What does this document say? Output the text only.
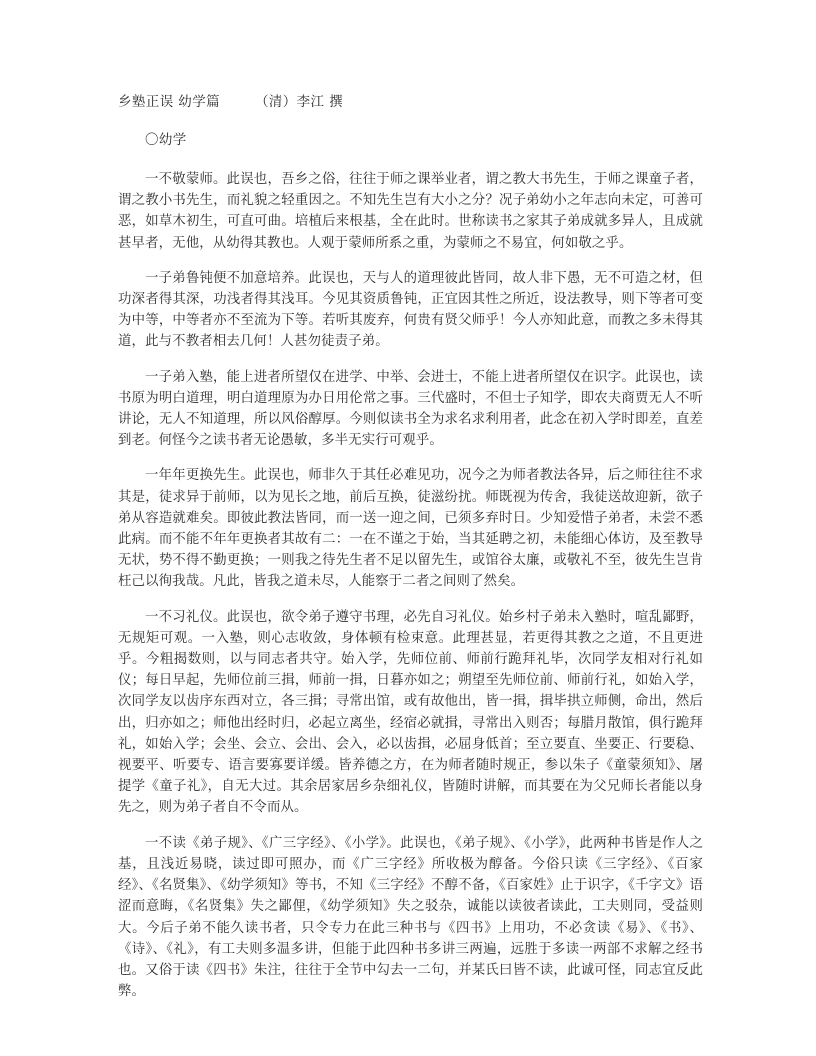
乡塾正误 幼学篇　　　（清）李江 撰
〇幼学

一不敬蒙师。此误也，吾乡之俗，往往于师之课举业者，谓之教大书先生，于师之课童子者，谓之教小书先生，而礼貌之轻重因之。不知先生岂有大小之分？况子弟幼小之年志向未定，可善可恶，如草木初生，可直可曲。培植后来根基，全在此时。世称读书之家其子弟成就多异人，且成就甚早者，无他，从幼得其教也。人观于蒙师所系之重，为蒙师之不易宜，何如敬之乎。

一子弟鲁钝便不加意培养。此误也，天与人的道理彼此皆同，故人非下愚，无不可造之材，但功深者得其深，功浅者得其浅耳。今见其资质鲁钝，正宜因其性之所近，设法教导，则下等者可变为中等，中等者亦不至流为下等。若听其废弃，何贵有贤父师乎！今人亦知此意，而教之多未得其道，此与不教者相去几何！人甚勿徒责子弟。

一子弟入塾，能上进者所望仅在进学、中举、会进士，不能上进者所望仅在识字。此误也，读书原为明白道理，明白道理原为办日用伦常之事。三代盛时，不但士子知学，即农夫商贾无人不听讲论，无人不知道理，所以风俗醇厚。今则似读书全为求名求利用者，此念在初入学时即差，直差到老。何怪今之读书者无论愚敏，多半无实行可观乎。

一年年更换先生。此误也，师非久于其任必难见功，况今之为师者教法各异，后之师往往不求其是，徒求异于前师，以为见长之地，前后互换，徒滋纷扰。师既视为传舍，我徒送故迎新，欲子弟从容造就难矣。即彼此教法皆同，而一送一迎之间，已须多弃时日。少知爱惜子弟者，未尝不悉此病。而不能不年年更换者其故有二：一在不谨之于始，当其延聘之初，未能细心体访，及至教导无状，势不得不勤更换；一则我之待先生者不足以留先生，或馆谷太廉，或敬礼不至，彼先生岂肯枉己以徇我哉。凡此，皆我之道未尽，人能察于二者之间则了然矣。

一不习礼仪。此误也，欲令弟子遵守书理，必先自习礼仪。始乡村子弟未入塾时，喧乱鄙野，无规矩可观。一入塾，则心志收敛，身体顿有检束意。此理甚显，若更得其教之之道，不且更进乎。今粗揭数则，以与同志者共守。始入学，先师位前、师前行跪拜礼毕，次同学友相对行礼如仪；每日早起，先师位前三揖，师前一揖，日暮亦如之；朔望至先师位前、师前行礼，如始入学，次同学友以齿序东西对立，各三揖；寻常出馆，或有故他出，皆一揖，揖毕拱立师侧，命出，然后出，归亦如之；师他出经时归，必起立离坐，经宿必就揖，寻常出入则否；每腊月散馆，俱行跪拜礼，如始入学；会坐、会立、会出、会入，必以齿揖，必屈身低首；至立要直、坐要正、行要稳、视要平、听要专、语言要寡要详缓。皆养德之方，在为师者随时规正，参以朱子《童蒙须知》、屠提学《童子礼》，自无大过。其余居家居乡杂细礼仪，皆随时讲解，而其要在为父兄师长者能以身先之，则为弟子者自不令而从。

一不读《弟子规》、《广三字经》、《小学》。此误也，《弟子规》、《小学》，此两种书皆是作人之基，且浅近易晓，读过即可照办，而《广三字经》所收极为醇备。今俗只读《三字经》、《百家经》、《名贤集》、《幼学须知》等书，不知《三字经》不醇不备，《百家姓》止于识字，《千字文》语涩而意晦，《名贤集》失之鄙俚，《幼学须知》失之驳杂，诚能以读彼者读此，工夫则同，受益则大。今后子弟不能久读书者，只令专力在此三种书与《四书》上用功，不必贪读《易》、《书》、《诗》、《礼》，有工夫则多温多讲，但能于此四种书多讲三两遍，远胜于多读一两部不求解之经书也。又俗于读《四书》朱注，往往于全节中勾去一二句，并某氏曰皆不读，此诚可怪，同志宜反此弊。
